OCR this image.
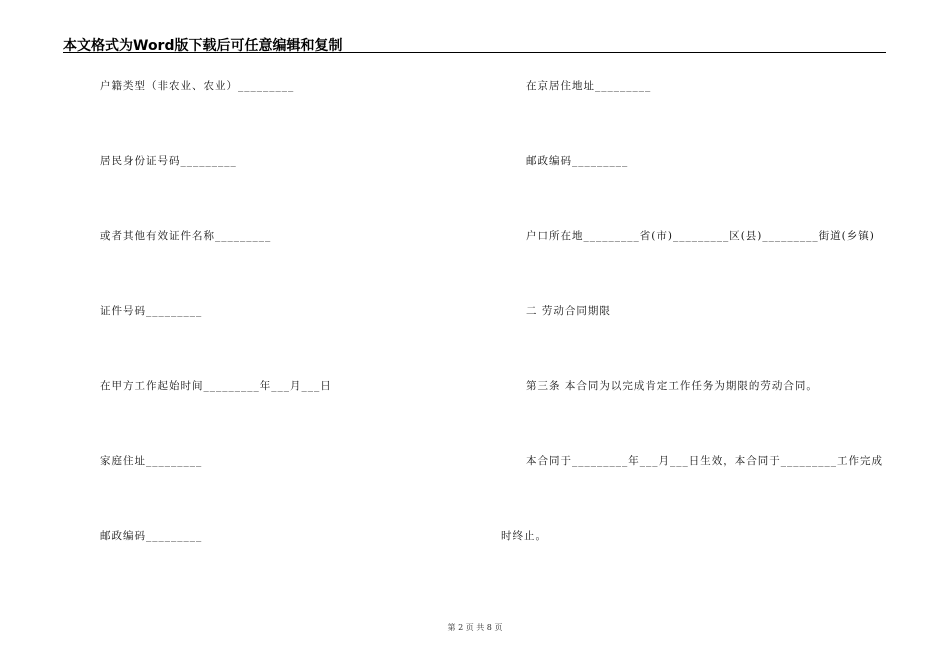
本文格式为Word版下载后可任意编辑和复制
户籍类型（非农业、农业）_________
居民身份证号码_________
或者其他有效证件名称_________
证件号码_________
在甲方工作起始时间_________年___月___日
家庭住址_________
邮政编码_________
在京居住地址_________
邮政编码_________
户口所在地_________省(市)_________区(县)_________街道(乡镇)
二 劳动合同期限
第三条 本合同为以完成肯定工作任务为期限的劳动合同。
本合同于_________年___月___日生效，本合同于_________工作完成
时终止。
第 2 页 共 8 页
